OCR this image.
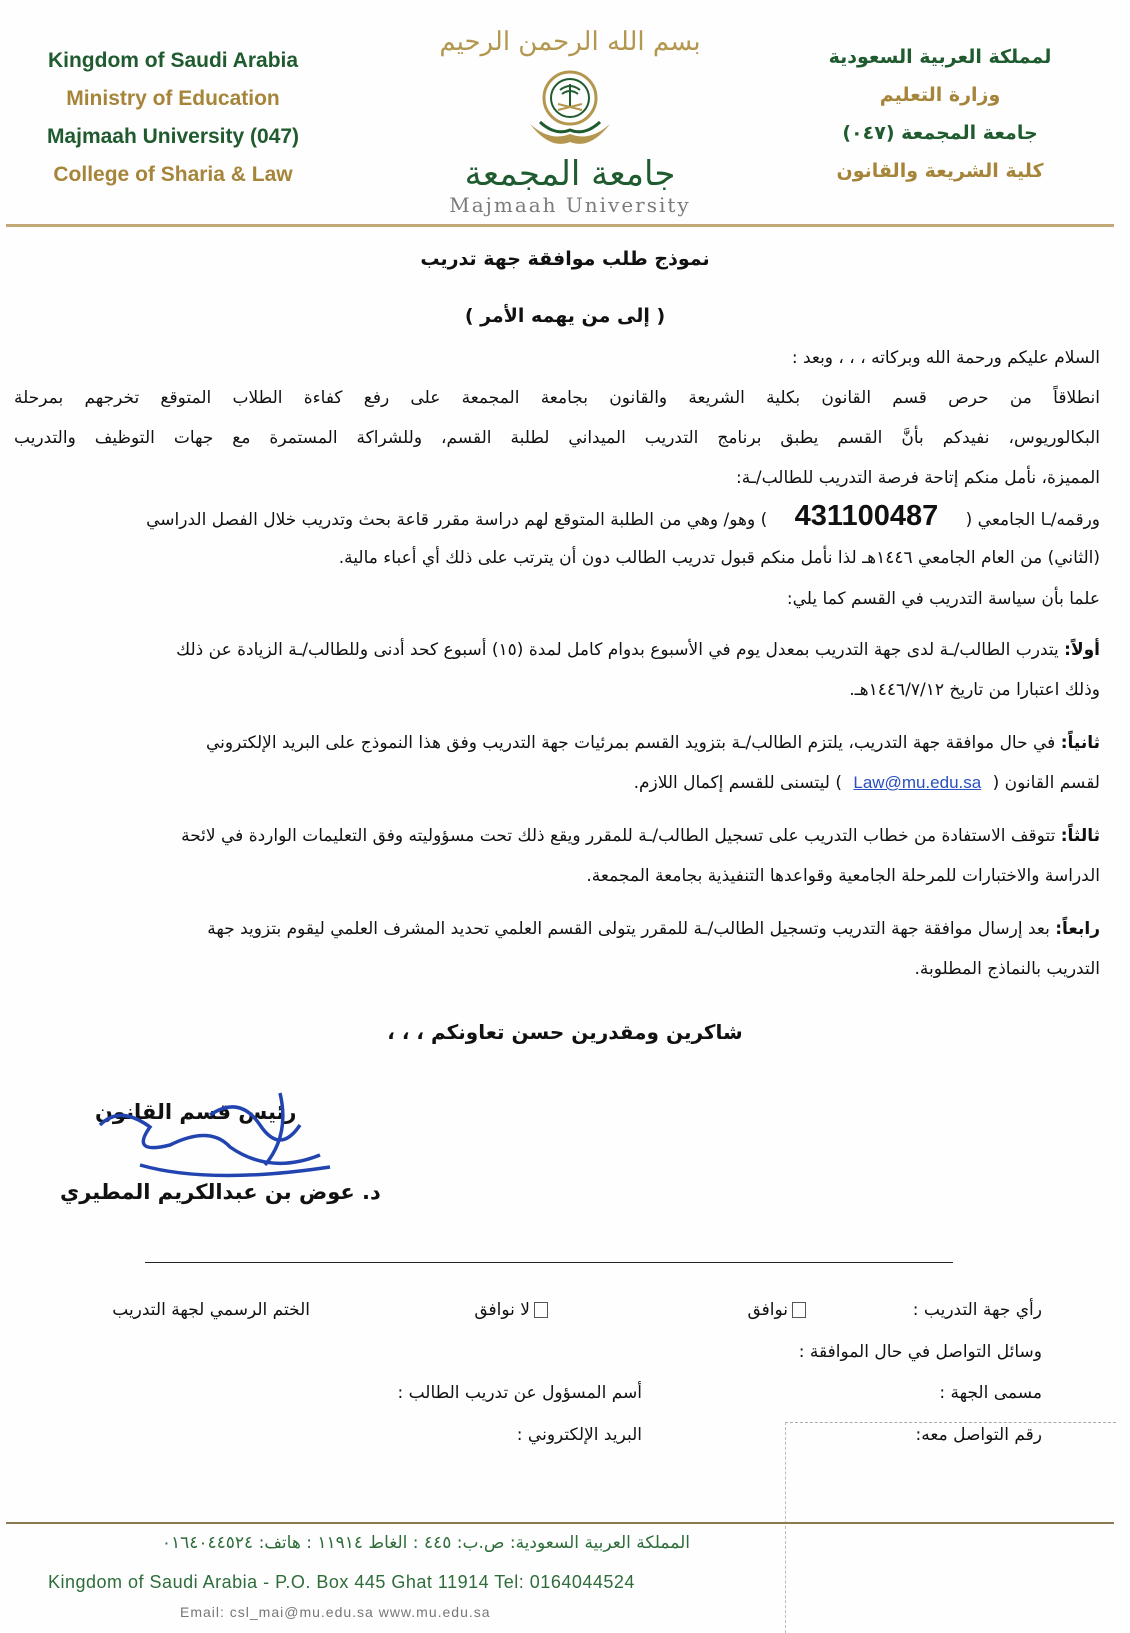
Kingdom of Saudi Arabia
Ministry of Education
Majmaah University (047)
College of Sharia & Law
بسم الله الرحمن الرحيم
جامعة المجمعة
Majmaah University
لمملكة العربية السعودية
وزارة التعليم
جامعة المجمعة (٠٤٧)
كلية الشريعة والقانون
نموذج طلب موافقة جهة تدريب
( إلى من يهمه الأمر )
السلام عليكم ورحمة الله وبركاته ، ، ، وبعد :
انطلاقاً من حرص قسم القانون بكلية الشريعة والقانون بجامعة المجمعة على رفع كفاءة الطلاب المتوقع تخرجهم بمرحلة
البكالوريوس، نفيدكم بأنَّ القسم يطبق برنامج التدريب الميداني لطلبة القسم، وللشراكة المستمرة مع جهات التوظيف والتدريب
المميزة، نأمل منكم إتاحة فرصة التدريب للطالب/ـة:
ورقمه/ـا الجامعي ( 431100487 ) وهو/ وهي من الطلبة المتوقع لهم دراسة مقرر قاعة بحث وتدريب خلال الفصل الدراسي
(الثاني) من العام الجامعي ١٤٤٦هـ لذا نأمل منكم قبول تدريب الطالب دون أن يترتب على ذلك أي أعباء مالية.
علما بأن سياسة التدريب في القسم كما يلي:
أولاً: يتدرب الطالب/ـة لدى جهة التدريب بمعدل يوم في الأسبوع بدوام كامل لمدة (١٥) أسبوع كحد أدنى وللطالب/ـة الزيادة عن ذلك
وذلك اعتبارا من تاريخ ١٤٤٦/٧/١٢هـ.
ثانياً: في حال موافقة جهة التدريب، يلتزم الطالب/ـة بتزويد القسم بمرئيات جهة التدريب وفق هذا النموذج على البريد الإلكتروني
لقسم القانون ( Law@mu.edu.sa ) ليتسنى للقسم إكمال اللازم.
ثالثاً: تتوقف الاستفادة من خطاب التدريب على تسجيل الطالب/ـة للمقرر ويقع ذلك تحت مسؤوليته وفق التعليمات الواردة في لائحة
الدراسة والاختبارات للمرحلة الجامعية وقواعدها التنفيذية بجامعة المجمعة.
رابعاً: بعد إرسال موافقة جهة التدريب وتسجيل الطالب/ـة للمقرر يتولى القسم العلمي تحديد المشرف العلمي ليقوم بتزويد جهة
التدريب بالنماذج المطلوبة.
شاكرين ومقدرين حسن تعاونكم ، ، ،
رئيس قسم القانون
د. عوض بن عبدالكريم المطيري
رأي جهة التدريب :
نوافق
لا نوافق
الختم الرسمي لجهة التدريب
وسائل التواصل في حال الموافقة :
مسمى الجهة :
أسم المسؤول عن تدريب الطالب :
رقم التواصل معه:
البريد الإلكتروني :
المملكة العربية السعودية: ص.ب: ٤٤٥ : الغاط ١١٩١٤ : هاتف: ٠١٦٤٠٤٤٥٢٤
Kingdom of Saudi Arabia - P.O. Box 445 Ghat 11914 Tel: 0164044524
Email: csl_mai@mu.edu.sa www.mu.edu.sa
